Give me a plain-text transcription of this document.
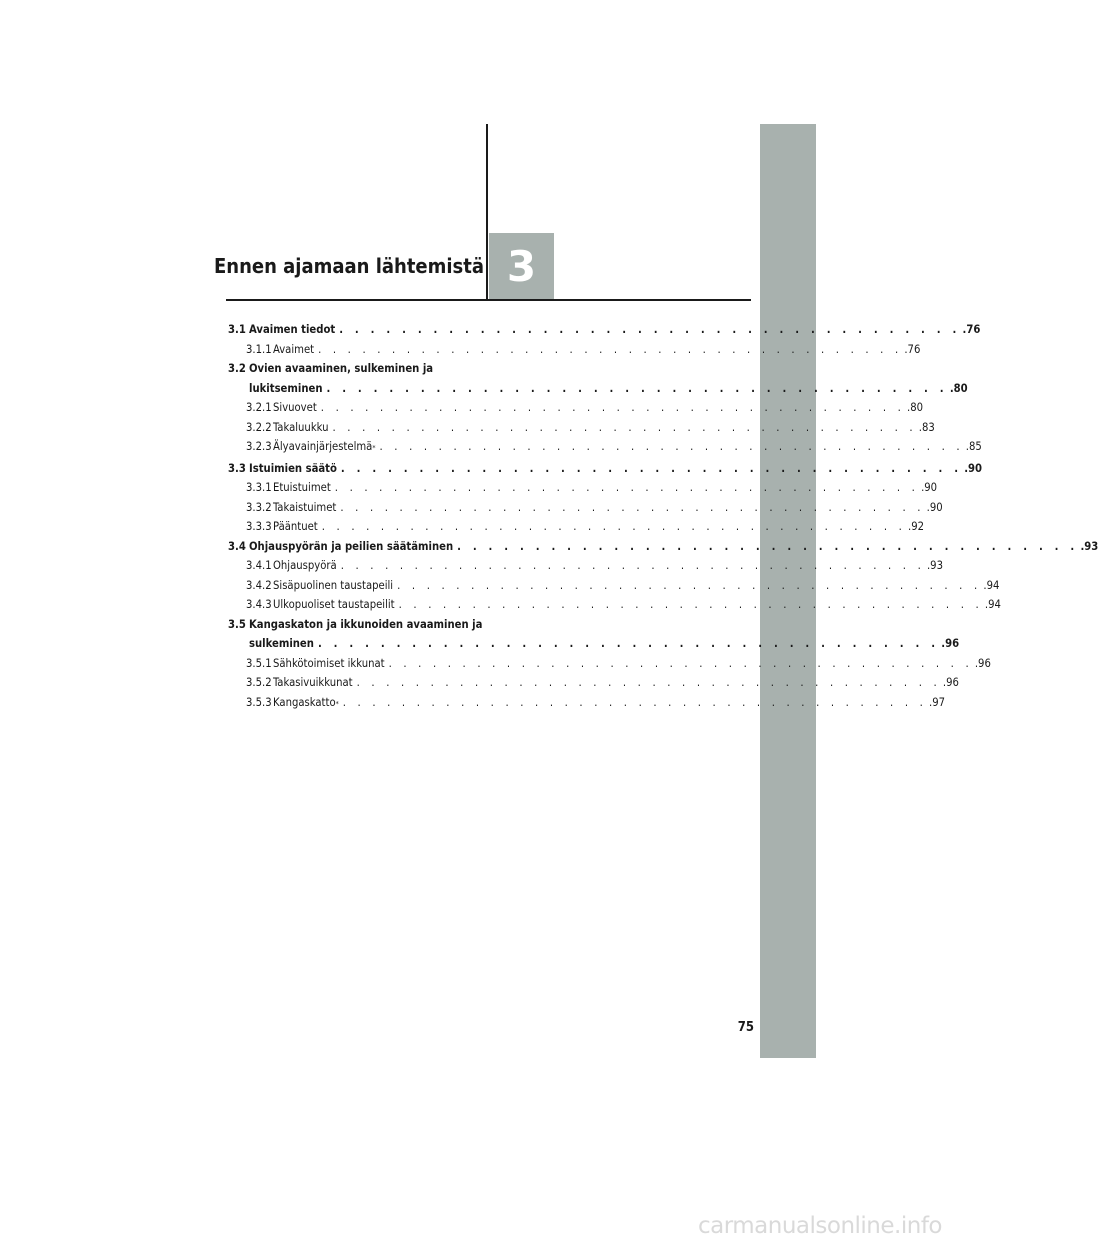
3
Ennen ajamaan lähtemistä
3.1 Avaimen tiedot . . .	.76
3.1.1 Avaimet . . .	.76
3.2 Ovien avaaminen, sulkeminen ja
lukitseminen . . .	.80
3.2.1 Sivuovet . . .	.80
3.2.2 Takaluukku . . .	.83
3.2.3 Älyavainjärjestelmä * . . .	.85
3.3 Istuimien säätö . . .	.90
3.3.1 Etuistuimet . . .	.90
3.3.2 Takaistuimet . . .	.90
3.3.3 Pääntuet . . .	.92
3.4 Ohjauspyörän ja peilien säätäminen . . .	.93
3.4.1 Ohjauspyörä . . .	.93
3.4.2 Sisäpuolinen taustapeili . . .	.94
3.4.3 Ulkopuoliset taustapeilit . . .	.94
3.5 Kangaskaton ja ikkunoiden avaaminen ja
sulkeminen . . .	.96
3.5.1 Sähkötoimiset ikkunat . . .	.96
3.5.2 Takasivuikkunat . . .	.96
3.5.3 Kangaskatto * . . .	.97
75
carmanualsonline.info
